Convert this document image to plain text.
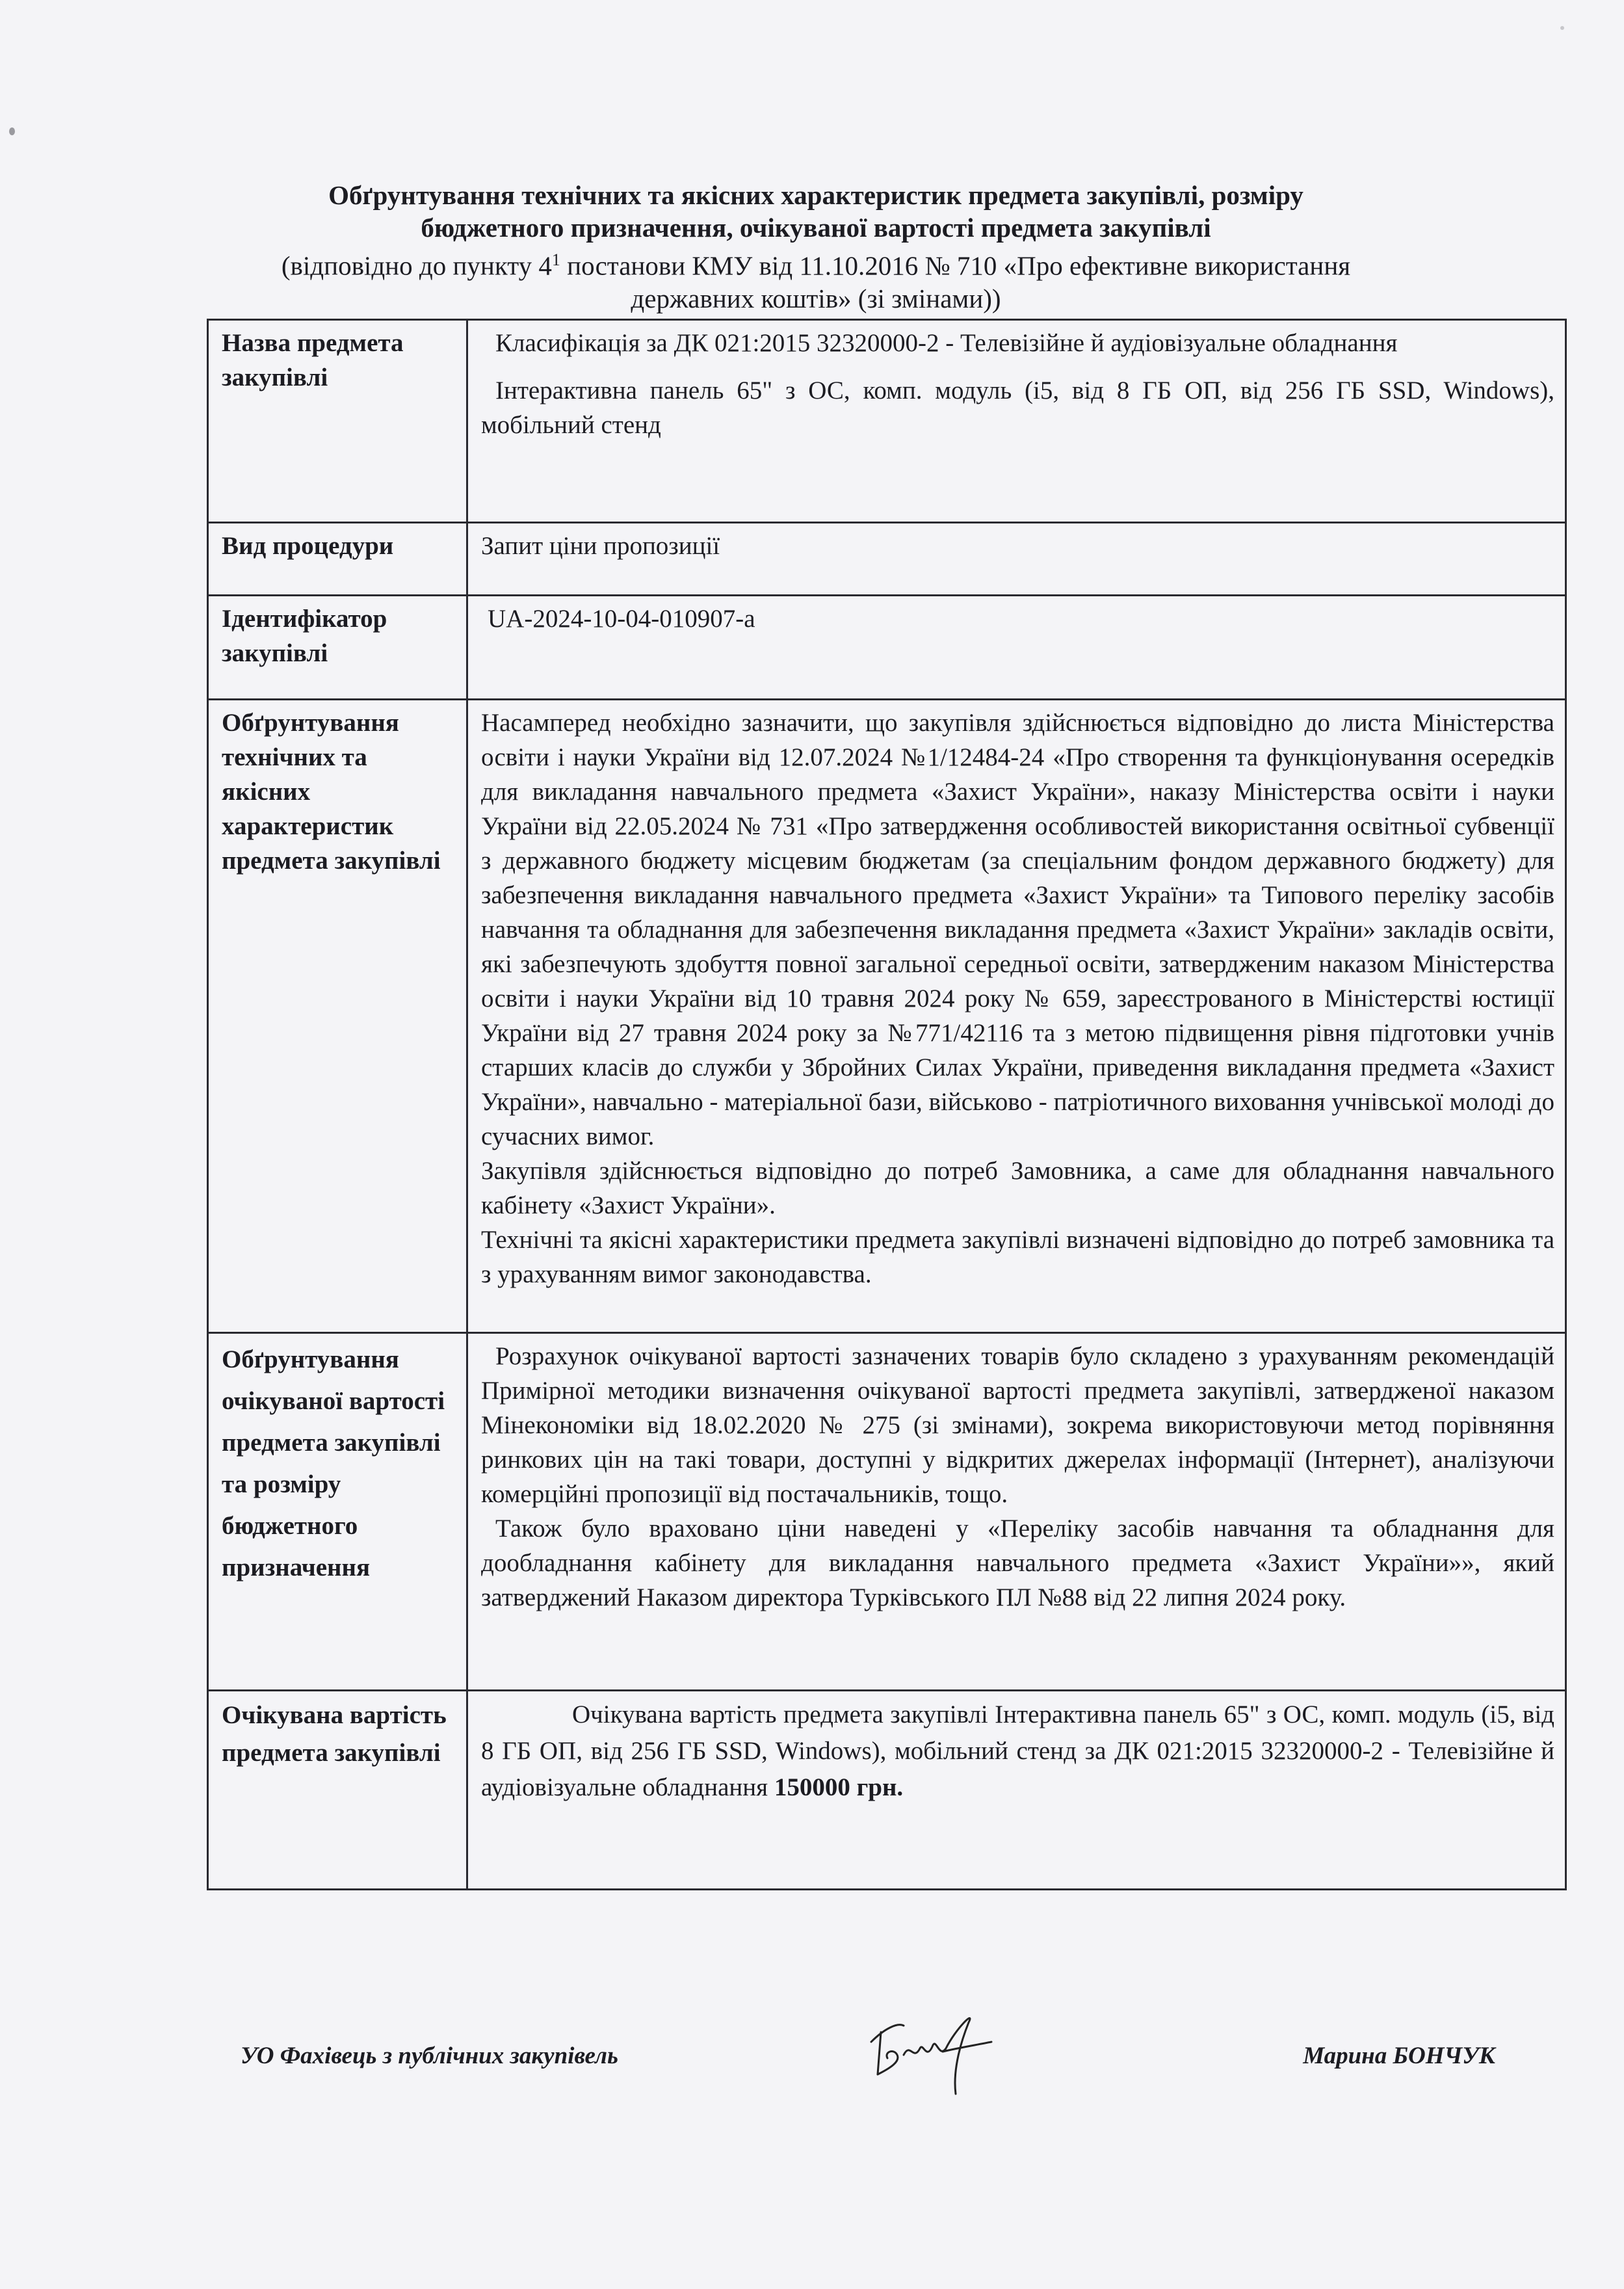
Обґрунтування технічних та якісних характеристик предмета закупівлі, розміру
бюджетного призначення, очікуваної вартості предмета закупівлі
(відповідно до пункту $4^1$ постанови КМУ від 11.10.2016 № 710 «Про ефективне використання
державних коштів» (зі змінами))
Назва предмета закупівлі	Класифікація за ДК 021:2015 32320000-2 - Телевізійне й аудіовізуальне обладнання

Інтерактивна панель 65" з ОС, комп. модуль (і5, від 8 ГБ ОП, від 256 ГБ SSD, Windows), мобільний стенд

Вид процедури	Запит ціни пропозиції
Ідентифікатор закупівлі	UA-2024-10-04-010907-a
Обґрунтування технічних та якісних характеристик предмета закупівлі	Насамперед необхідно зазначити, що закупівля здійснюється відповідно до листа Міністерства освіти і науки України від 12.07.2024 №1/12484-24 «Про створення та функціонування осередків для викладання навчального предмета «Захист України», наказу Міністерства освіти і науки України від 22.05.2024 № 731 «Про затвердження особливостей використання освітньої субвенції з державного бюджету місцевим бюджетам (за спеціальним фондом державного бюджету) для забезпечення викладання навчального предмета «Захист України» та Типового переліку засобів навчання та обладнання для забезпечення викладання предмета «Захист України» закладів освіти, які забезпечують здобуття повної загальної середньої освіти, затвердженим наказом Міністерства освіти і науки України від 10 травня 2024 року № 659, зареєстрованого в Міністерстві юстиції України від 27 травня 2024 року за №771/42116 та з метою підвищення рівня підготовки учнів старших класів до служби у Збройних Силах України, приведення викладання предмета «Захист України», навчально - матеріальної бази, військово - патріотичного виховання учнівської молоді до сучасних вимог.

Закупівля здійснюється відповідно до потреб Замовника, а саме для обладнання навчального кабінету «Захист України».

Технічні та якісні характеристики предмета закупівлі визначені відповідно до потреб замовника та з урахуванням вимог законодавства.

Обґрунтування очікуваної вартості предмета закупівлі та розміру бюджетного призначення	Розрахунок очікуваної вартості зазначених товарів було складено з урахуванням рекомендацій Примірної методики визначення очікуваної вартості предмета закупівлі, затвердженої наказом Мінекономіки від 18.02.2020 № 275 (зі змінами), зокрема використовуючи метод порівняння ринкових цін на такі товари, доступні у відкритих джерелах інформації (Інтернет), аналізуючи комерційні пропозиції від постачальників, тощо.

Також було враховано ціни наведені у «Переліку засобів навчання та обладнання для дообладнання кабінету для викладання навчального предмета «Захист України»», який затверджений Наказом директора Турківського ПЛ №88 від 22 липня 2024 року.

Очікувана вартість предмета закупівлі	Очікувана вартість предмета закупівлі Інтерактивна панель 65" з ОС, комп. модуль (і5, від 8 ГБ ОП, від 256 ГБ SSD, Windows), мобільний стенд за ДК 021:2015 32320000-2 - Телевізійне й аудіовізуальне обладнання 150000 грн.

УО Фахівець з публічних закупівель	Марина БОНЧУК
